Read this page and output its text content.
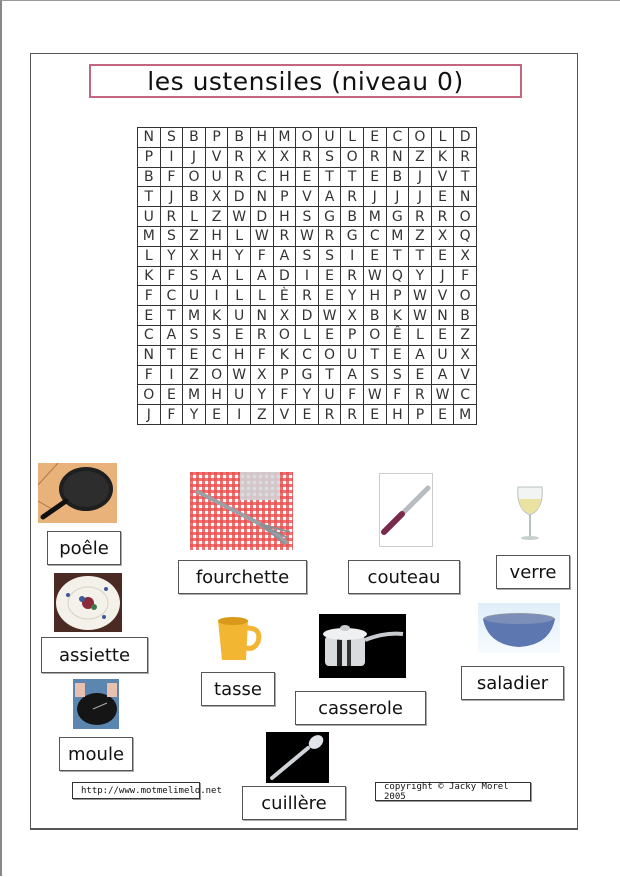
les ustensiles (niveau 0)
N	S	B	P	B	H	M	O	U	L	E	C	O	L	D
P	I	J	V	R	X	X	R	S	O	R	N	Z	K	R
B	F	O	U	R	C	H	E	T	T	E	B	J	V	T
T	J	B	X	D	N	P	V	A	R	J	J	J	E	N
U	R	L	Z	W	D	H	S	G	B	M	G	R	R	O
M	S	Z	H	L	W	R	W	R	G	C	M	Z	X	Q
L	Y	X	H	Y	F	A	S	S	I	E	T	T	E	X
K	F	S	A	L	A	D	I	E	R	W	Q	Y	J	F
F	C	U	I	L	L	È	R	E	Y	H	P	W	V	O
E	T	M	K	U	N	X	D	W	X	B	K	W	N	B
C	A	S	S	E	R	O	L	E	P	O	Ê	L	E	Z
N	T	E	C	H	F	K	C	O	U	T	E	A	U	X
F	I	Z	O	W	X	P	G	T	A	S	S	E	A	V
O	E	M	H	U	Y	F	Y	U	F	W	F	R	W	C
J	F	Y	E	I	Z	V	E	R	R	E	H	P	E	M
poêle
fourchette	couteau	verre
assiette
tasse
casserole
saladier
moule
cuillère
http://www.motmelimelo.net	copyright © Jacky Morel 2005
